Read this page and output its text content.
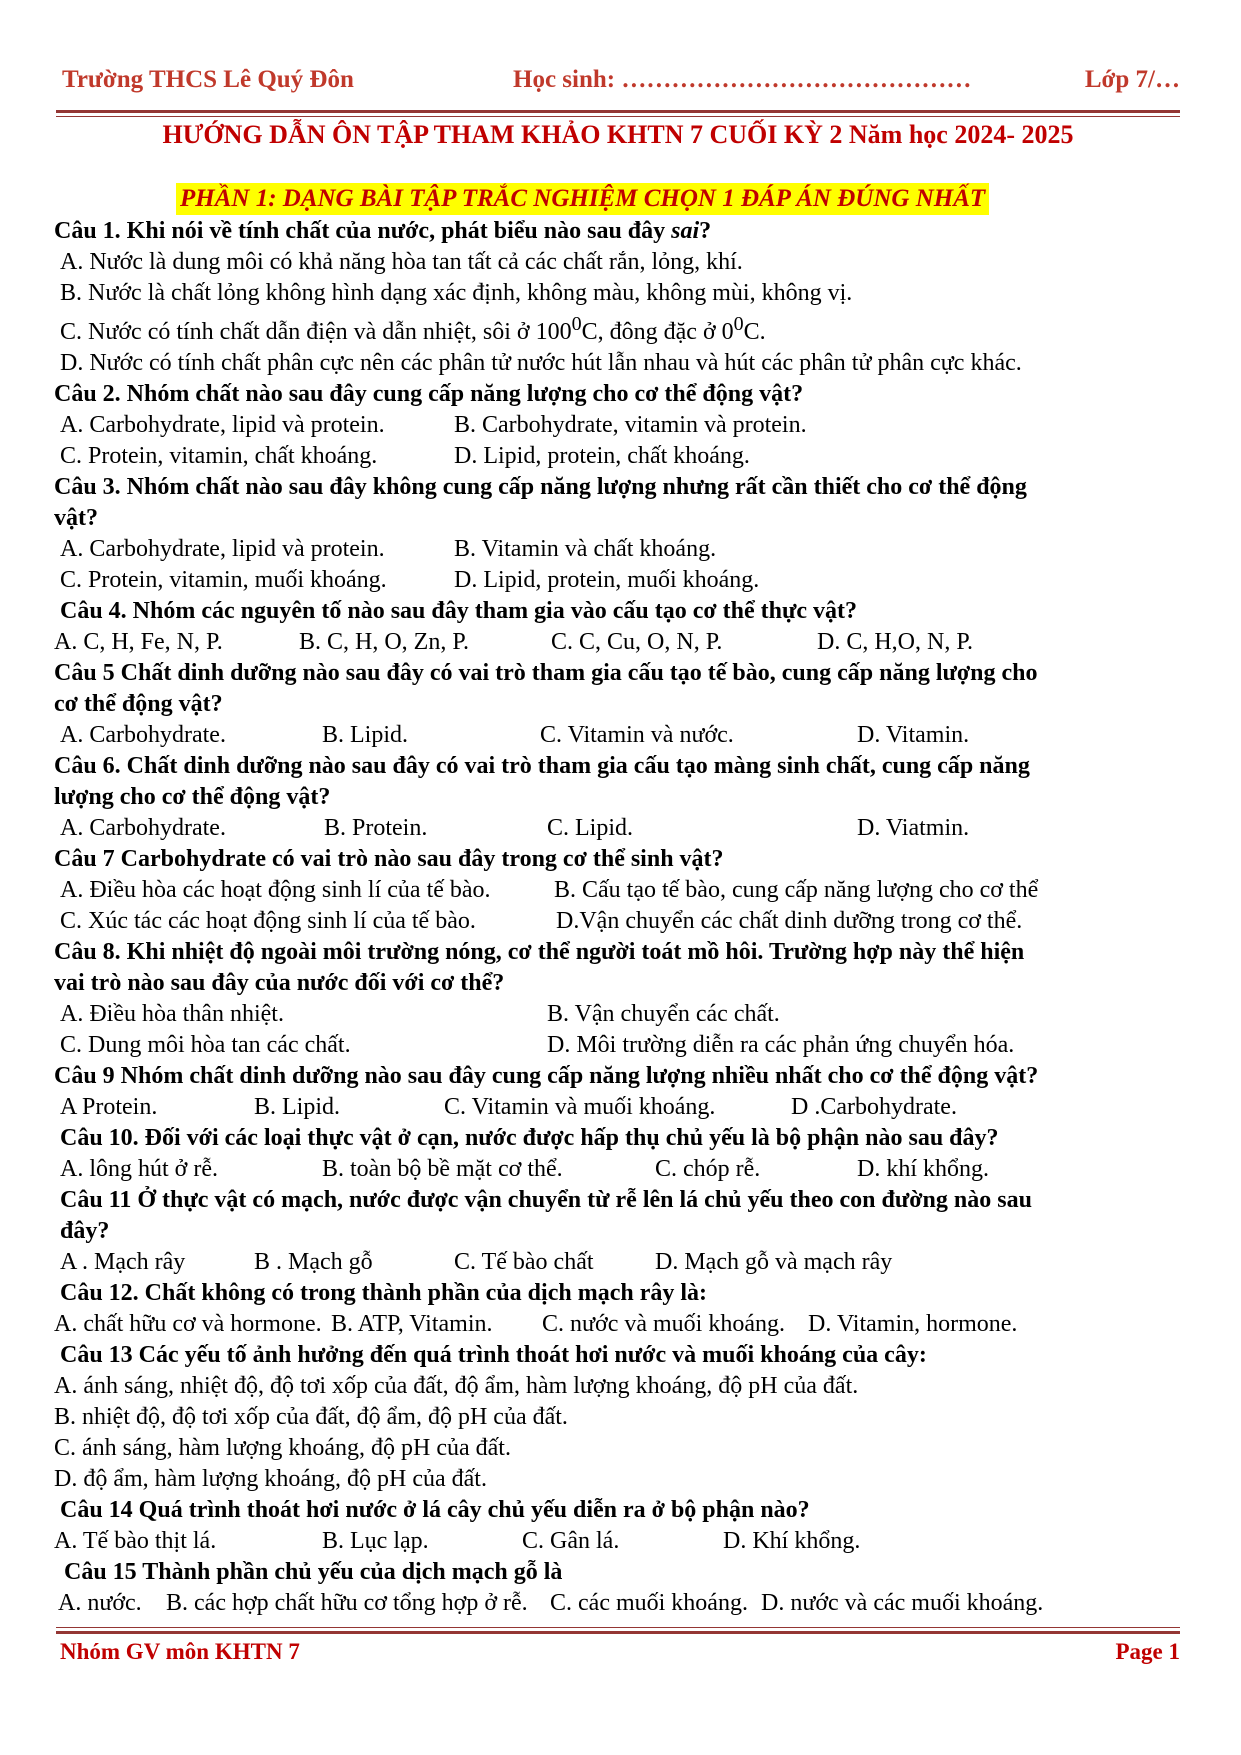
Trường THCS Lê Quý Đôn	Học sinh: ……………………………………	Lớp 7/…
HƯỚNG DẪN ÔN TẬP THAM KHẢO KHTN 7 CUỐI KỲ 2 Năm học 2024- 2025
PHẦN 1: DẠNG BÀI TẬP TRẮC NGHIỆM CHỌN 1 ĐÁP ÁN ĐÚNG NHẤT
Câu 1. Khi nói về tính chất của nước, phát biểu nào sau đây sai?
A. Nước là dung môi có khả năng hòa tan tất cả các chất rắn, lỏng, khí.
B. Nước là chất lỏng không hình dạng xác định, không màu, không mùi, không vị.
C. Nước có tính chất dẫn điện và dẫn nhiệt, sôi ở $100^0C$, đông đặc ở $0^0C$.
D. Nước có tính chất phân cực nên các phân tử nước hút lẫn nhau và hút các phân tử phân cực khác.
Câu 2. Nhóm chất nào sau đây cung cấp năng lượng cho cơ thể động vật?
A. Carbohydrate, lipid và protein.	B. Carbohydrate, vitamin và protein.
C. Protein, vitamin, chất khoáng.	D. Lipid, protein, chất khoáng.
Câu 3. Nhóm chất nào sau đây không cung cấp năng lượng nhưng rất cần thiết cho cơ thể động
vật?
A. Carbohydrate, lipid và protein.	B. Vitamin và chất khoáng.
C. Protein, vitamin, muối khoáng.	D. Lipid, protein, muối khoáng.
Câu 4. Nhóm các nguyên tố nào sau đây tham gia vào cấu tạo cơ thể thực vật?
A. C, H, Fe, N, P.	B. C, H, O, Zn, P.	C. C, Cu, O, N, P.	D. C, H,O, N, P.
Câu 5 Chất dinh dưỡng nào sau đây có vai trò tham gia cấu tạo tế bào, cung cấp năng lượng cho
cơ thể động vật?
A. Carbohydrate.	B. Lipid.	C. Vitamin và nước.	D. Vitamin.
Câu 6. Chất dinh dưỡng nào sau đây có vai trò tham gia cấu tạo màng sinh chất, cung cấp năng
lượng cho cơ thể động vật?
A. Carbohydrate.	B. Protein.	C. Lipid.	D. Viatmin.
Câu 7 Carbohydrate có vai trò nào sau đây trong cơ thể sinh vật?
A. Điều hòa các hoạt động sinh lí của tế bào.	B. Cấu tạo tế bào, cung cấp năng lượng cho cơ thể
C. Xúc tác các hoạt động sinh lí của tế bào.	D.Vận chuyển các chất dinh dưỡng trong cơ thể.
Câu 8. Khi nhiệt độ ngoài môi trường nóng, cơ thể người toát mồ hôi. Trường hợp này thể hiện
vai trò nào sau đây của nước đối với cơ thể?
A. Điều hòa thân nhiệt.	B. Vận chuyển các chất.
C. Dung môi hòa tan các chất.	D. Môi trường diễn ra các phản ứng chuyển hóa.
Câu 9 Nhóm chất dinh dưỡng nào sau đây cung cấp năng lượng nhiều nhất cho cơ thể động vật?
A Protein.	B. Lipid.	C. Vitamin và muối khoáng.	D .Carbohydrate.
Câu 10. Đối với các loại thực vật ở cạn, nước được hấp thụ chủ yếu là bộ phận nào sau đây?
A. lông hút ở rễ.	B. toàn bộ bề mặt cơ thể.	C. chóp rễ.	D. khí khổng.
Câu 11 Ở thực vật có mạch, nước được vận chuyển từ rễ lên lá chủ yếu theo con đường nào sau
đây?
A . Mạch rây	B . Mạch gỗ	C. Tế bào chất	D. Mạch gỗ và mạch rây
Câu 12. Chất không có trong thành phần của dịch mạch rây là:
A. chất hữu cơ và hormone. B. ATP, Vitamin. C. nước và muối khoáng. D. Vitamin, hormone.
Câu 13 Các yếu tố ảnh hưởng đến quá trình thoát hơi nước và muối khoáng của cây:
A. ánh sáng, nhiệt độ, độ tơi xốp của đất, độ ẩm, hàm lượng khoáng, độ pH của đất.
B. nhiệt độ, độ tơi xốp của đất, độ ẩm, độ pH của đất.
C. ánh sáng, hàm lượng khoáng, độ pH của đất.
D. độ ẩm, hàm lượng khoáng, độ pH của đất.
Câu 14 Quá trình thoát hơi nước ở lá cây chủ yếu diễn ra ở bộ phận nào?
A. Tế bào thịt lá.	B. Lục lạp.	C. Gân lá.	D. Khí khổng.
Câu 15 Thành phần chủ yếu của dịch mạch gỗ là
A. nước. B. các hợp chất hữu cơ tổng hợp ở rễ. C. các muối khoáng. D. nước và các muối khoáng.
Nhóm GV môn KHTN 7	Page 1
